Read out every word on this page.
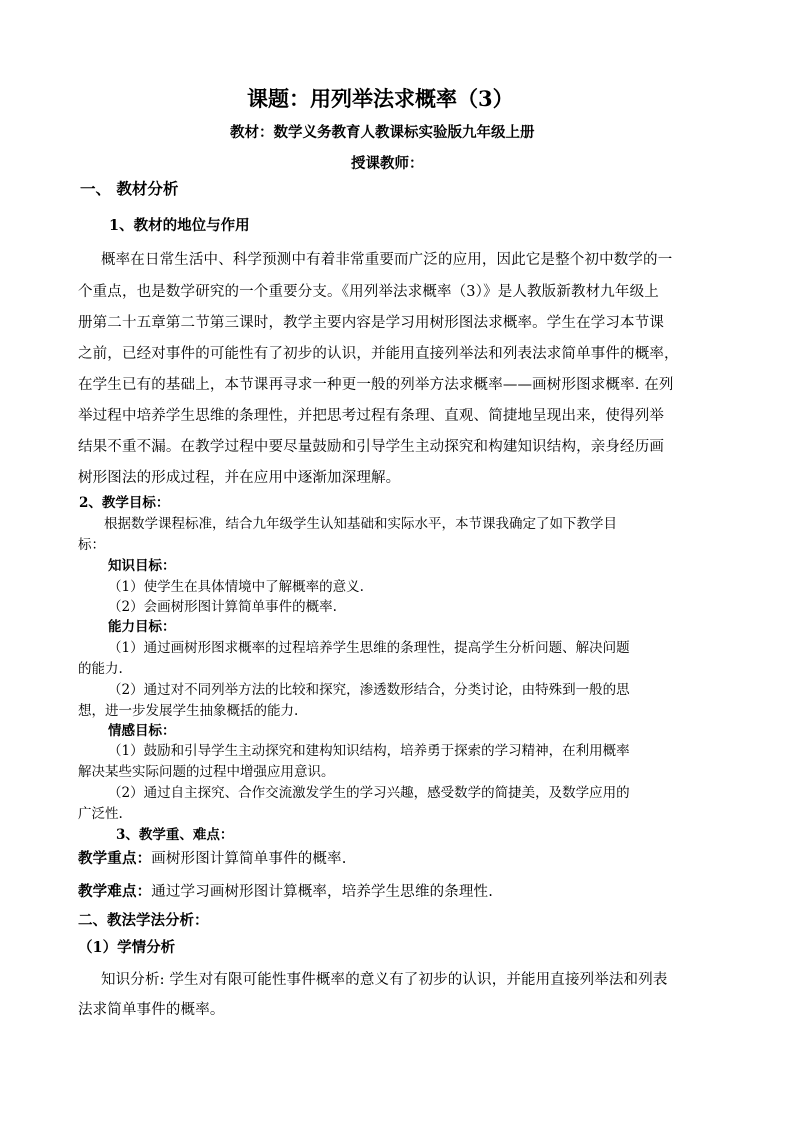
课题：用列举法求概率（3）
教材：数学义务教育人教课标实验版九年级上册
授课教师：
一、 教材分析
1、教材的地位与作用
概率在日常生活中、科学预测中有着非常重要而广泛的应用，因此它是整个初中数学的一
个重点，也是数学研究的一个重要分支。《用列举法求概率（3）》是人教版新教材九年级上
册第二十五章第二节第三课时，教学主要内容是学习用树形图法求概率。学生在学习本节课
之前，已经对事件的可能性有了初步的认识，并能用直接列举法和列表法求简单事件的概率，
在学生已有的基础上，本节课再寻求一种更一般的列举方法求概率——画树形图求概率. 在列
举过程中培养学生思维的条理性，并把思考过程有条理、直观、简捷地呈现出来，使得列举
结果不重不漏。在教学过程中要尽量鼓励和引导学生主动探究和构建知识结构，亲身经历画
树形图法的形成过程，并在应用中逐渐加深理解。
2、教学目标：
根据数学课程标准，结合九年级学生认知基础和实际水平，本节课我确定了如下教学目
标：
知识目标：
（1）使学生在具体情境中了解概率的意义.
（2）会画树形图计算简单事件的概率.
能力目标：
（1）通过画树形图求概率的过程培养学生思维的条理性，提高学生分析问题、解决问题
的能力.
（2）通过对不同列举方法的比较和探究，渗透数形结合，分类讨论，由特殊到一般的思
想，进一步发展学生抽象概括的能力.
情感目标：
（1）鼓励和引导学生主动探究和建构知识结构，培养勇于探索的学习精神，在利用概率
解决某些实际问题的过程中增强应用意识。
（2）通过自主探究、合作交流激发学生的学习兴趣，感受数学的简捷美，及数学应用的
广泛性.
3、教学重、难点：
教学重点：画树形图计算简单事件的概率.
教学难点：通过学习画树形图计算概率，培养学生思维的条理性.
二、教法学法分析：
（1）学情分析
知识分析: 学生对有限可能性事件概率的意义有了初步的认识，并能用直接列举法和列表
法求简单事件的概率。
